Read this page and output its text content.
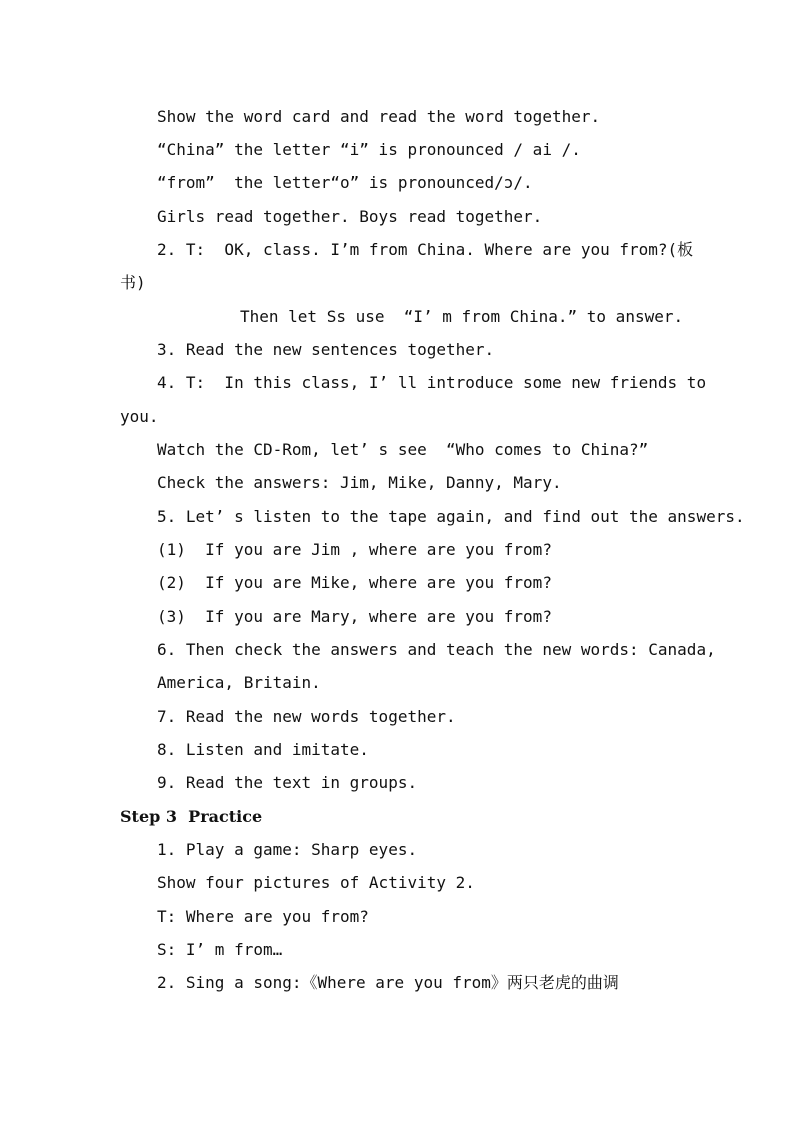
Show the word card and read the word together.

“China” the letter “i” is pronounced / ai /.

“from”  the letter“o” is pronounced/ɔ/.

Girls read together. Boys read together.

2. T:  OK, class. I’m from China. Where are you from?(板

书)

Then let Ss use  “I’ m from China.” to answer.

3. Read the new sentences together.

4. T:  In this class, I’ ll introduce some new friends to

you.

Watch the CD-Rom, let’ s see  “Who comes to China?”

Check the answers: Jim, Mike, Danny, Mary.

5. Let’ s listen to the tape again, and find out the answers.

(1)  If you are Jim , where are you from?

(2)  If you are Mike, where are you from?

(3)  If you are Mary, where are you from?

6. Then check the answers and teach the new words: Canada,

America, Britain.

7. Read the new words together.

8. Listen and imitate.

9. Read the text in groups.

Step 3  Practice

1. Play a game: Sharp eyes.

Show four pictures of Activity 2.

T: Where are you from?

S: I’ m from…

2. Sing a song:《Where are you from》两只老虎的曲调
